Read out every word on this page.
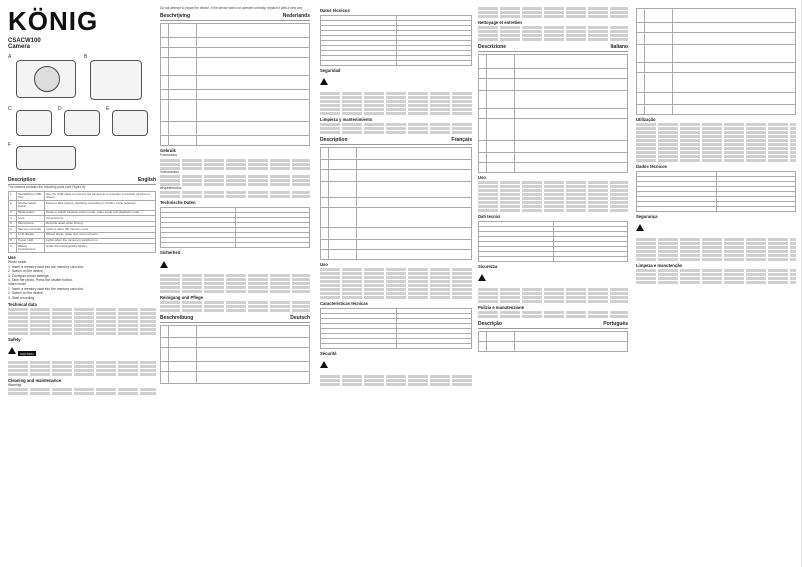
KÖNIG
CSACW100
Camera
A	B
C	D	E
F
Description	English
The camera contains the following parts (see Figure A):
1	Serial/Micro USB Port	Use the USB cable to connect the camera to a computer to transfer pictures or videos.
2	Shutter/select button	Press to take photos, start/stop recording or confirm menu selection.
3	Mode button	Press to switch between photo mode, video mode and playback mode.
4	Lens	Camera lens.
5	Microphone	Records audio while filming.
6	Memory card slot	Insert a micro SD memory card.
7	LCD display	Shows photo, video and menu screens.
8	Power LED	Lights when the camera is switched on.
9	Battery compartment	Holds the rechargeable battery.
Use
Photo mode
1. Insert a memory card into the memory card slot.
2. Switch on the device.
3. Configure photo settings.
4. Take the photo. Press the shutter button.
Video mode
1. Insert a memory card into the memory card slot.
2. Switch on the device.
3. Start recording.
Technical data
Safety
CAUTION
Cleaning and maintenance
Warning!
Do not attempt to repair the device. If the device does not operate correctly, replace it with a new one.
Beschrijving	Nederlands

Gebruik
Fotomodus
Videomodus
Afspeelmodus
Technische Daten

Sicherheit
Reinigung und Pflege
Beschreibung	Deutsch

Datos técnicos

Seguridad
Limpieza y mantenimiento
Description	Français

Uso
Características técnicas

Sécurité
Nettoyage et entretien
Descrizione	Italiano

Uso
Dati tecnici

Sicurezza
Pulizia e manutenzione
Descrição	Português

Utilização
Dados técnicos

Segurança
Limpeza e manutenção
